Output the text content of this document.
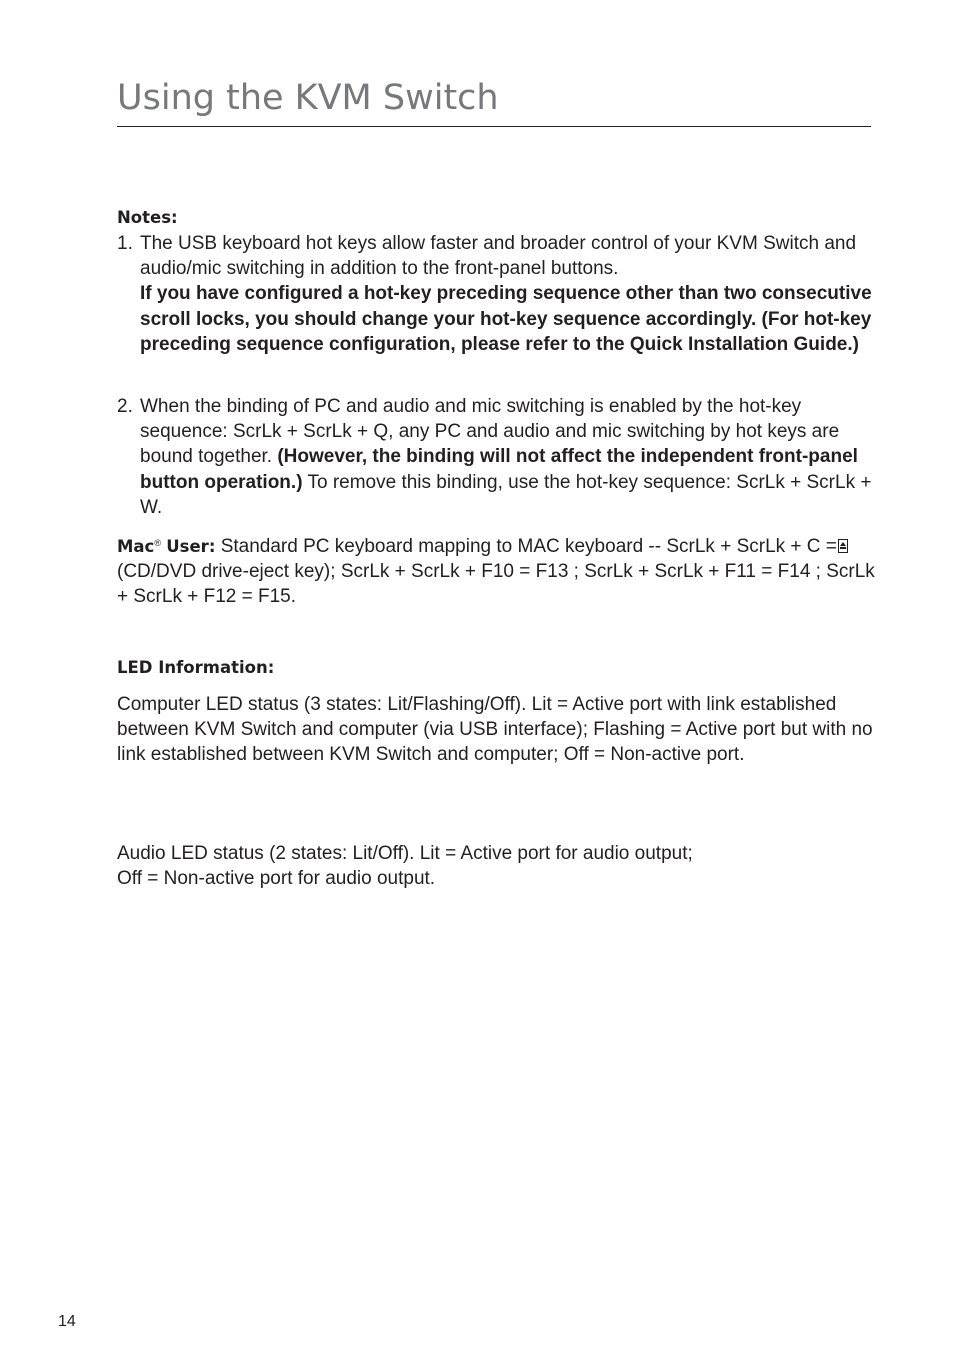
Using the KVM Switch
Notes:
1. The USB keyboard hot keys allow faster and broader control of your KVM Switch and audio/mic switching in addition to the front-panel buttons.
If you have configured a hot-key preceding sequence other than two consecutive scroll locks, you should change your hot-key sequence accordingly. (For hot-key preceding sequence configuration, please refer to the Quick Installation Guide.)
2. When the binding of PC and audio and mic switching is enabled by the hot-key sequence: ScrLk + ScrLk + Q, any PC and audio and mic switching by hot keys are bound together. (However, the binding will not affect the independent front-panel button operation.) To remove this binding, use the hot-key sequence: ScrLk + ScrLk + W.
Mac® User: Standard PC keyboard mapping to MAC keyboard -- ScrLk + ScrLk + C =
(CD/DVD drive-eject key); ScrLk + ScrLk + F10 = F13 ; ScrLk + ScrLk + F11 = F14 ; ScrLk + ScrLk + F12 = F15.
LED Information:
Computer LED status (3 states: Lit/Flashing/Off). Lit = Active port with link established between KVM Switch and computer (via USB interface); Flashing = Active port but with no link established between KVM Switch and computer; Off = Non-active port.
Audio LED status (2 states: Lit/Off). Lit = Active port for audio output;
Off = Non-active port for audio output.
14
